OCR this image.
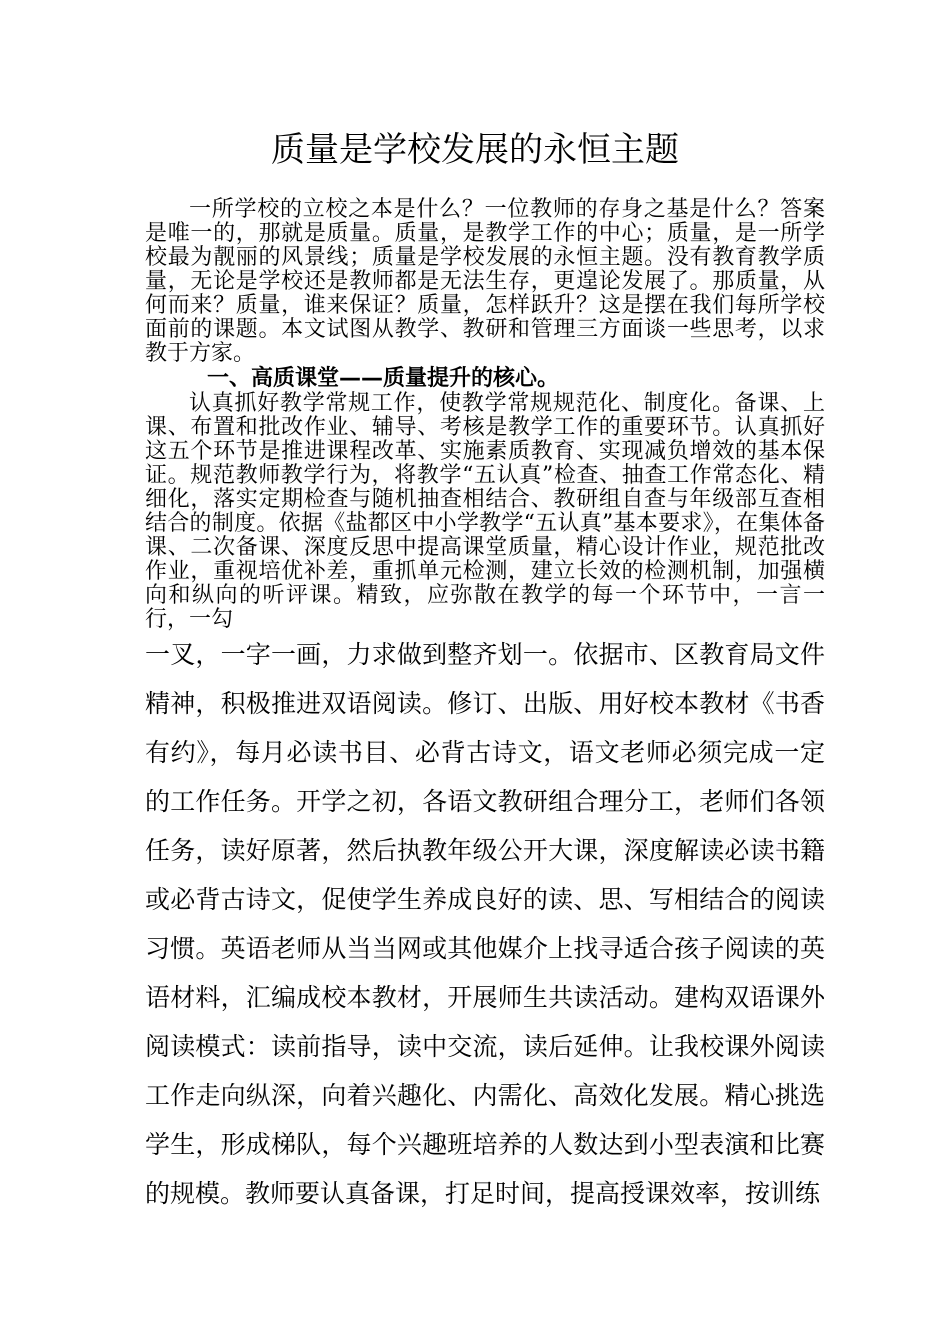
质量是学校发展的永恒主题

一所学校的立校之本是什么？一位教师的存身之基是什么？答案是唯一的，那就是质量。质量，是教学工作的中心；质量，是一所学校最为靓丽的风景线；质量是学校发展的永恒主题。没有教育教学质量，无论是学校还是教师都是无法生存，更遑论发展了。那质量，从何而来？质量，谁来保证？质量，怎样跃升？这是摆在我们每所学校面前的课题。本文试图从教学、教研和管理三方面谈一些思考，以求教于方家。

一、高质课堂——质量提升的核心。

认真抓好教学常规工作，使教学常规规范化、制度化。备课、上课、布置和批改作业、辅导、考核是教学工作的重要环节。认真抓好这五个环节是推进课程改革、实施素质教育、实现减负增效的基本保证。规范教师教学行为，将教学“五认真”检查、抽查工作常态化、精细化，落实定期检查与随机抽查相结合、教研组自查与年级部互查相结合的制度。依据《盐都区中小学教学“五认真”基本要求》，在集体备课、二次备课、深度反思中提高课堂质量，精心设计作业，规范批改作业，重视培优补差，重抓单元检测，建立长效的检测机制，加强横向和纵向的听评课。精致，应弥散在教学的每一个环节中，一言一行，一勾

一叉，一字一画，力求做到整齐划一。依据市、区教育局文件精神，积极推进双语阅读。修订、出版、用好校本教材《书香有约》，每月必读书目、必背古诗文，语文老师必须完成一定的工作任务。开学之初，各语文教研组合理分工，老师们各领任务，读好原著，然后执教年级公开大课，深度解读必读书籍或必背古诗文，促使学生养成良好的读、思、写相结合的阅读习惯。英语老师从当当网或其他媒介上找寻适合孩子阅读的英语材料，汇编成校本教材，开展师生共读活动。建构双语课外阅读模式：读前指导，读中交流，读后延伸。让我校课外阅读工作走向纵深，向着兴趣化、内需化、高效化发展。精心挑选学生，形成梯队，每个兴趣班培养的人数达到小型表演和比赛的规模。教师要认真备课，打足时间，提高授课效率，按训练
